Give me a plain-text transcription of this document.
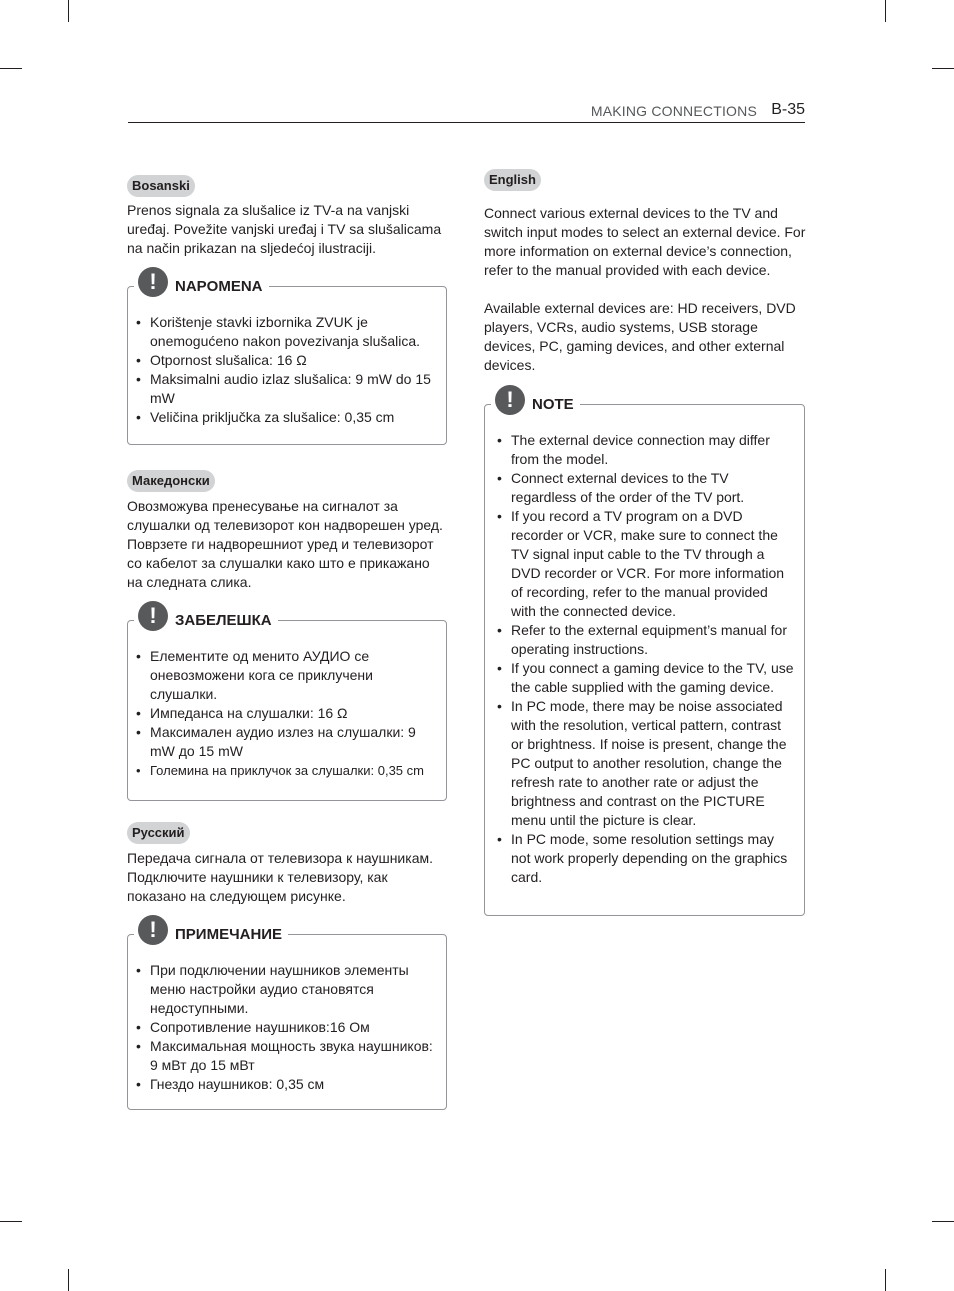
MAKING CONNECTIONS B-35
Bosanski

Prenos signala za slušalice iz TV-a na vanjski uređaj. Povežite vanjski uređaj i TV sa slušalicama na način prikazan na sljedećoj ilustraciji.

!	NAPOMENA
• Korištenje stavki izbornika ZVUK je onemogućeno nakon povezivanja slušalica.
• Otpornost slušalica: 16 Ω
• Maksimalni audio izlaz slušalica: 9 mW do 15 mW
• Veličina priključka za slušalice: 0,35 cm
Македонски

Овозможува пренесување на сигналот за слушалки од телевизорот кон надворешен уред. Поврзете ги надворешниот уред и телевизорот со кабелот за слушалки како што е прикажано на следната слика.

!	ЗАБЕЛЕШКА
• Елементите од менито АУДИО се оневозможени кога се приклучени слушалки.
• Импеданса на слушалки: 16 Ω
• Максимален аудио излез на слушалки: 9 mW до 15 mW
• Големина на приклучок за слушалки: 0,35 cm
Русский

Передача сигнала от телевизора к наушникам. Подключите наушники к телевизору, как показано на следующем рисунке.

!	ПРИМЕЧАНИЕ
• При подключении наушников элементы меню настройки аудио становятся недоступными.
• Сопротивление наушников:16 Ом
• Максимальная мощность звука наушников: 9 мВт до 15 мВт
• Гнездо наушников: 0,35 см
English

Connect various external devices to the TV and switch input modes to select an external device. For more information on external device’s connection, refer to the manual provided with each device.

Available external devices are: HD receivers, DVD players, VCRs, audio systems, USB storage devices, PC, gaming devices, and other external devices.

!	NOTE
• The external device connection may differ from the model.
• Connect external devices to the TV regardless of the order of the TV port.
• If you record a TV program on a DVD recorder or VCR, make sure to connect the TV signal input cable to the TV through a DVD recorder or VCR. For more information of recording, refer to the manual provided with the connected device.
• Refer to the external equipment’s manual for operating instructions.
• If you connect a gaming device to the TV, use the cable supplied with the gaming device.
• In PC mode, there may be noise associated with the resolution, vertical pattern, contrast or brightness. If noise is present, change the PC output to another resolution, change the refresh rate to another rate or adjust the brightness and contrast on the PICTURE menu until the picture is clear.
• In PC mode, some resolution settings may not work properly depending on the graphics card.
